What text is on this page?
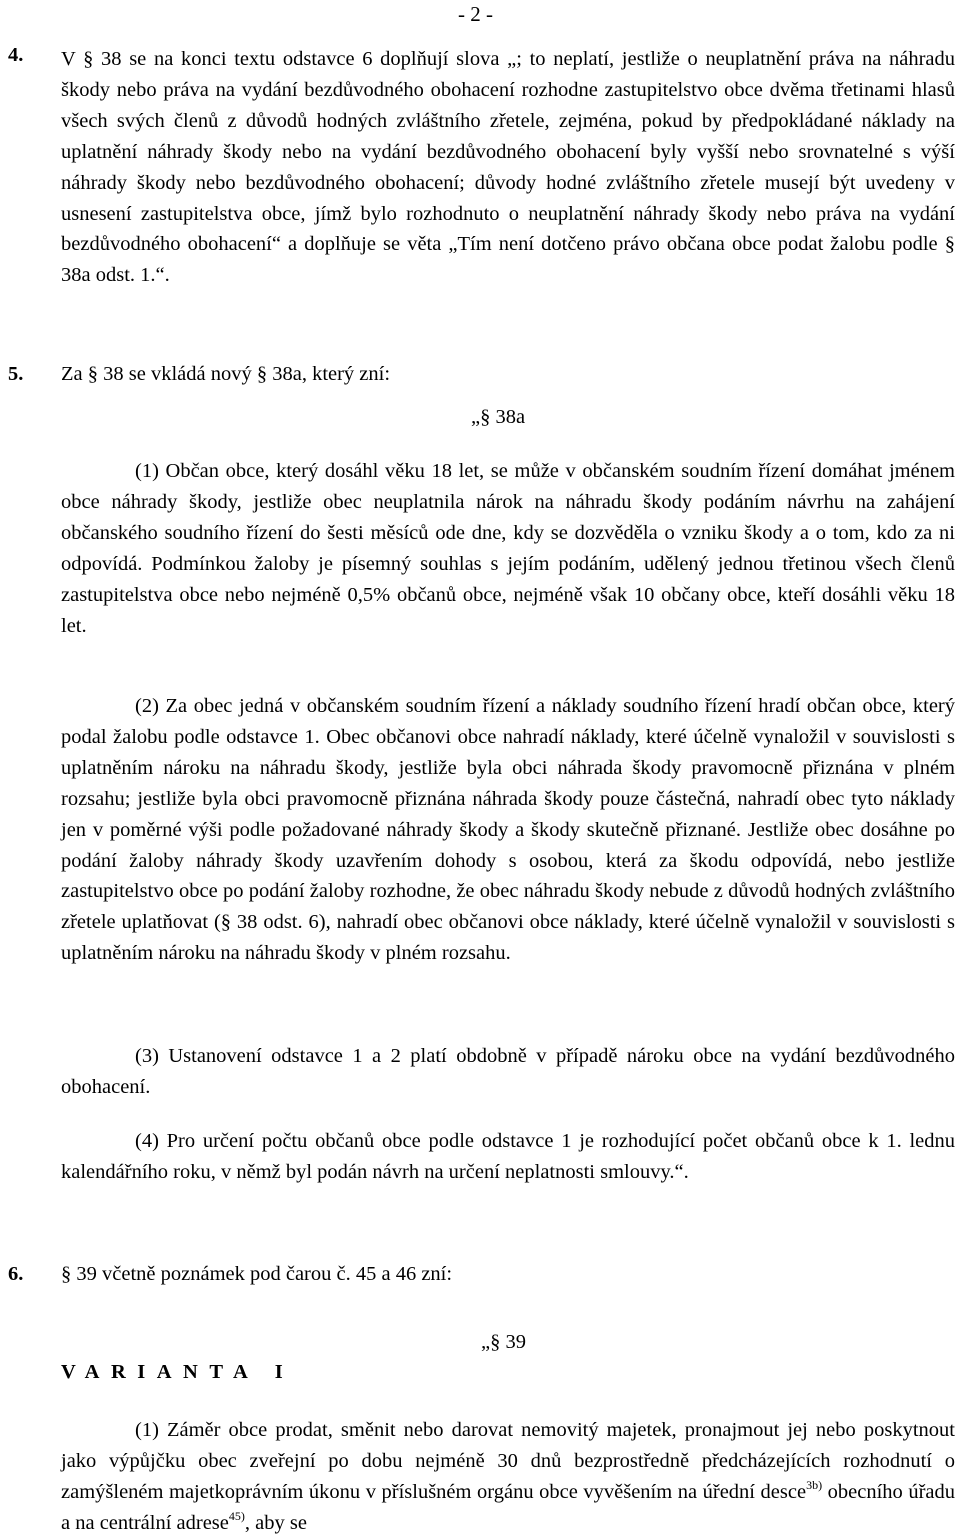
- 2 -
4. V § 38 se na konci textu odstavce 6 doplňují slova „; to neplatí, jestliže o neuplatnění práva na náhradu škody nebo práva na vydání bezdůvodného obohacení rozhodne zastupitelstvo obce dvěma třetinami hlasů všech svých členů z důvodů hodných zvláštního zřetele, zejména, pokud by předpokládané náklady na uplatnění náhrady škody nebo na vydání bezdůvodného obohacení byly vyšší nebo srovnatelné s výší náhrady škody nebo bezdůvodného obohacení; důvody hodné zvláštního zřetele musejí být uvedeny v usnesení zastupitelstva obce, jímž bylo rozhodnuto o neuplatnění náhrady škody nebo práva na vydání bezdůvodného obohacení“ a doplňuje se věta „Tím není dotčeno právo občana obce podat žalobu podle § 38a odst. 1.“.

5. Za § 38 se vkládá nový § 38a, který zní:
„§ 38a

(1) Občan obce, který dosáhl věku 18 let, se může v občanském soudním řízení domáhat jménem obce náhrady škody, jestliže obec neuplatnila nárok na náhradu škody podáním návrhu na zahájení občanského soudního řízení do šesti měsíců ode dne, kdy se dozvěděla o vzniku škody a o tom, kdo za ni odpovídá. Podmínkou žaloby je písemný souhlas s jejím podáním, udělený jednou třetinou všech členů zastupitelstva obce nebo nejméně 0,5% občanů obce, nejméně však 10 občany obce, kteří dosáhli věku 18 let.

(2) Za obec jedná v občanském soudním řízení a náklady soudního řízení hradí občan obce, který podal žalobu podle odstavce 1. Obec občanovi obce nahradí náklady, které účelně vynaložil v souvislosti s uplatněním nároku na náhradu škody, jestliže byla obci náhrada škody pravomocně přiznána v plném rozsahu; jestliže byla obci pravomocně přiznána náhrada škody pouze částečná, nahradí obec tyto náklady jen v poměrné výši podle požadované náhrady škody a škody skutečně přiznané. Jestliže obec dosáhne po podání žaloby náhrady škody uzavřením dohody s osobou, která za škodu odpovídá, nebo jestliže zastupitelstvo obce po podání žaloby rozhodne, že obec náhradu škody nebude z důvodů hodných zvláštního zřetele uplatňovat (§ 38 odst. 6), nahradí obec občanovi obce náklady, které účelně vynaložil v souvislosti s uplatněním nároku na náhradu škody v plném rozsahu.

(3) Ustanovení odstavce 1 a 2 platí obdobně v případě nároku obce na vydání bezdůvodného obohacení.

(4) Pro určení počtu občanů obce podle odstavce 1 je rozhodující počet občanů obce k 1. lednu kalendářního roku, v němž byl podán návrh na určení neplatnosti smlouvy.“.

6. § 39 včetně poznámek pod čarou č. 45 a 46 zní:
„§ 39
VARIANTA I

(1) Záměr obce prodat, směnit nebo darovat nemovitý majetek, pronajmout jej nebo poskytnout jako výpůjčku obec zveřejní po dobu nejméně 30 dnů bezprostředně předcházejících rozhodnutí o zamýšleném majetkoprávním úkonu v příslušném orgánu obce vyvěšením na úřední desce$^{3b)}$ obecního úřadu a na centrální adrese$^{45)}$, aby se
